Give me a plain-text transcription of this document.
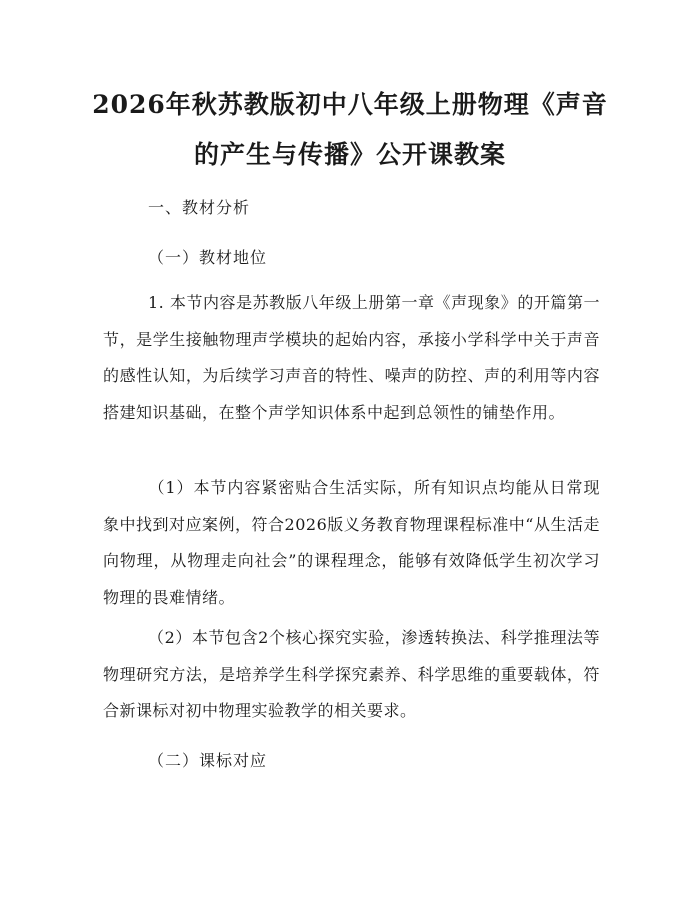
2026年秋苏教版初中八年级上册物理《声音
的产生与传播》公开课教案
一、教材分析
（一）教材地位

1. 本节内容是苏教版八年级上册第一章《声现象》的开篇第一节，是学生接触物理声学模块的起始内容，承接小学科学中关于声音的感性认知，为后续学习声音的特性、噪声的防控、声的利用等内容搭建知识基础，在整个声学知识体系中起到总领性的铺垫作用。

（1）本节内容紧密贴合生活实际，所有知识点均能从日常现象中找到对应案例，符合2026版义务教育物理课程标准中“从生活走向物理，从物理走向社会”的课程理念，能够有效降低学生初次学习物理的畏难情绪。

（2）本节包含2个核心探究实验，渗透转换法、科学推理法等物理研究方法，是培养学生科学探究素养、科学思维的重要载体，符合新课标对初中物理实验教学的相关要求。

（二）课标对应
